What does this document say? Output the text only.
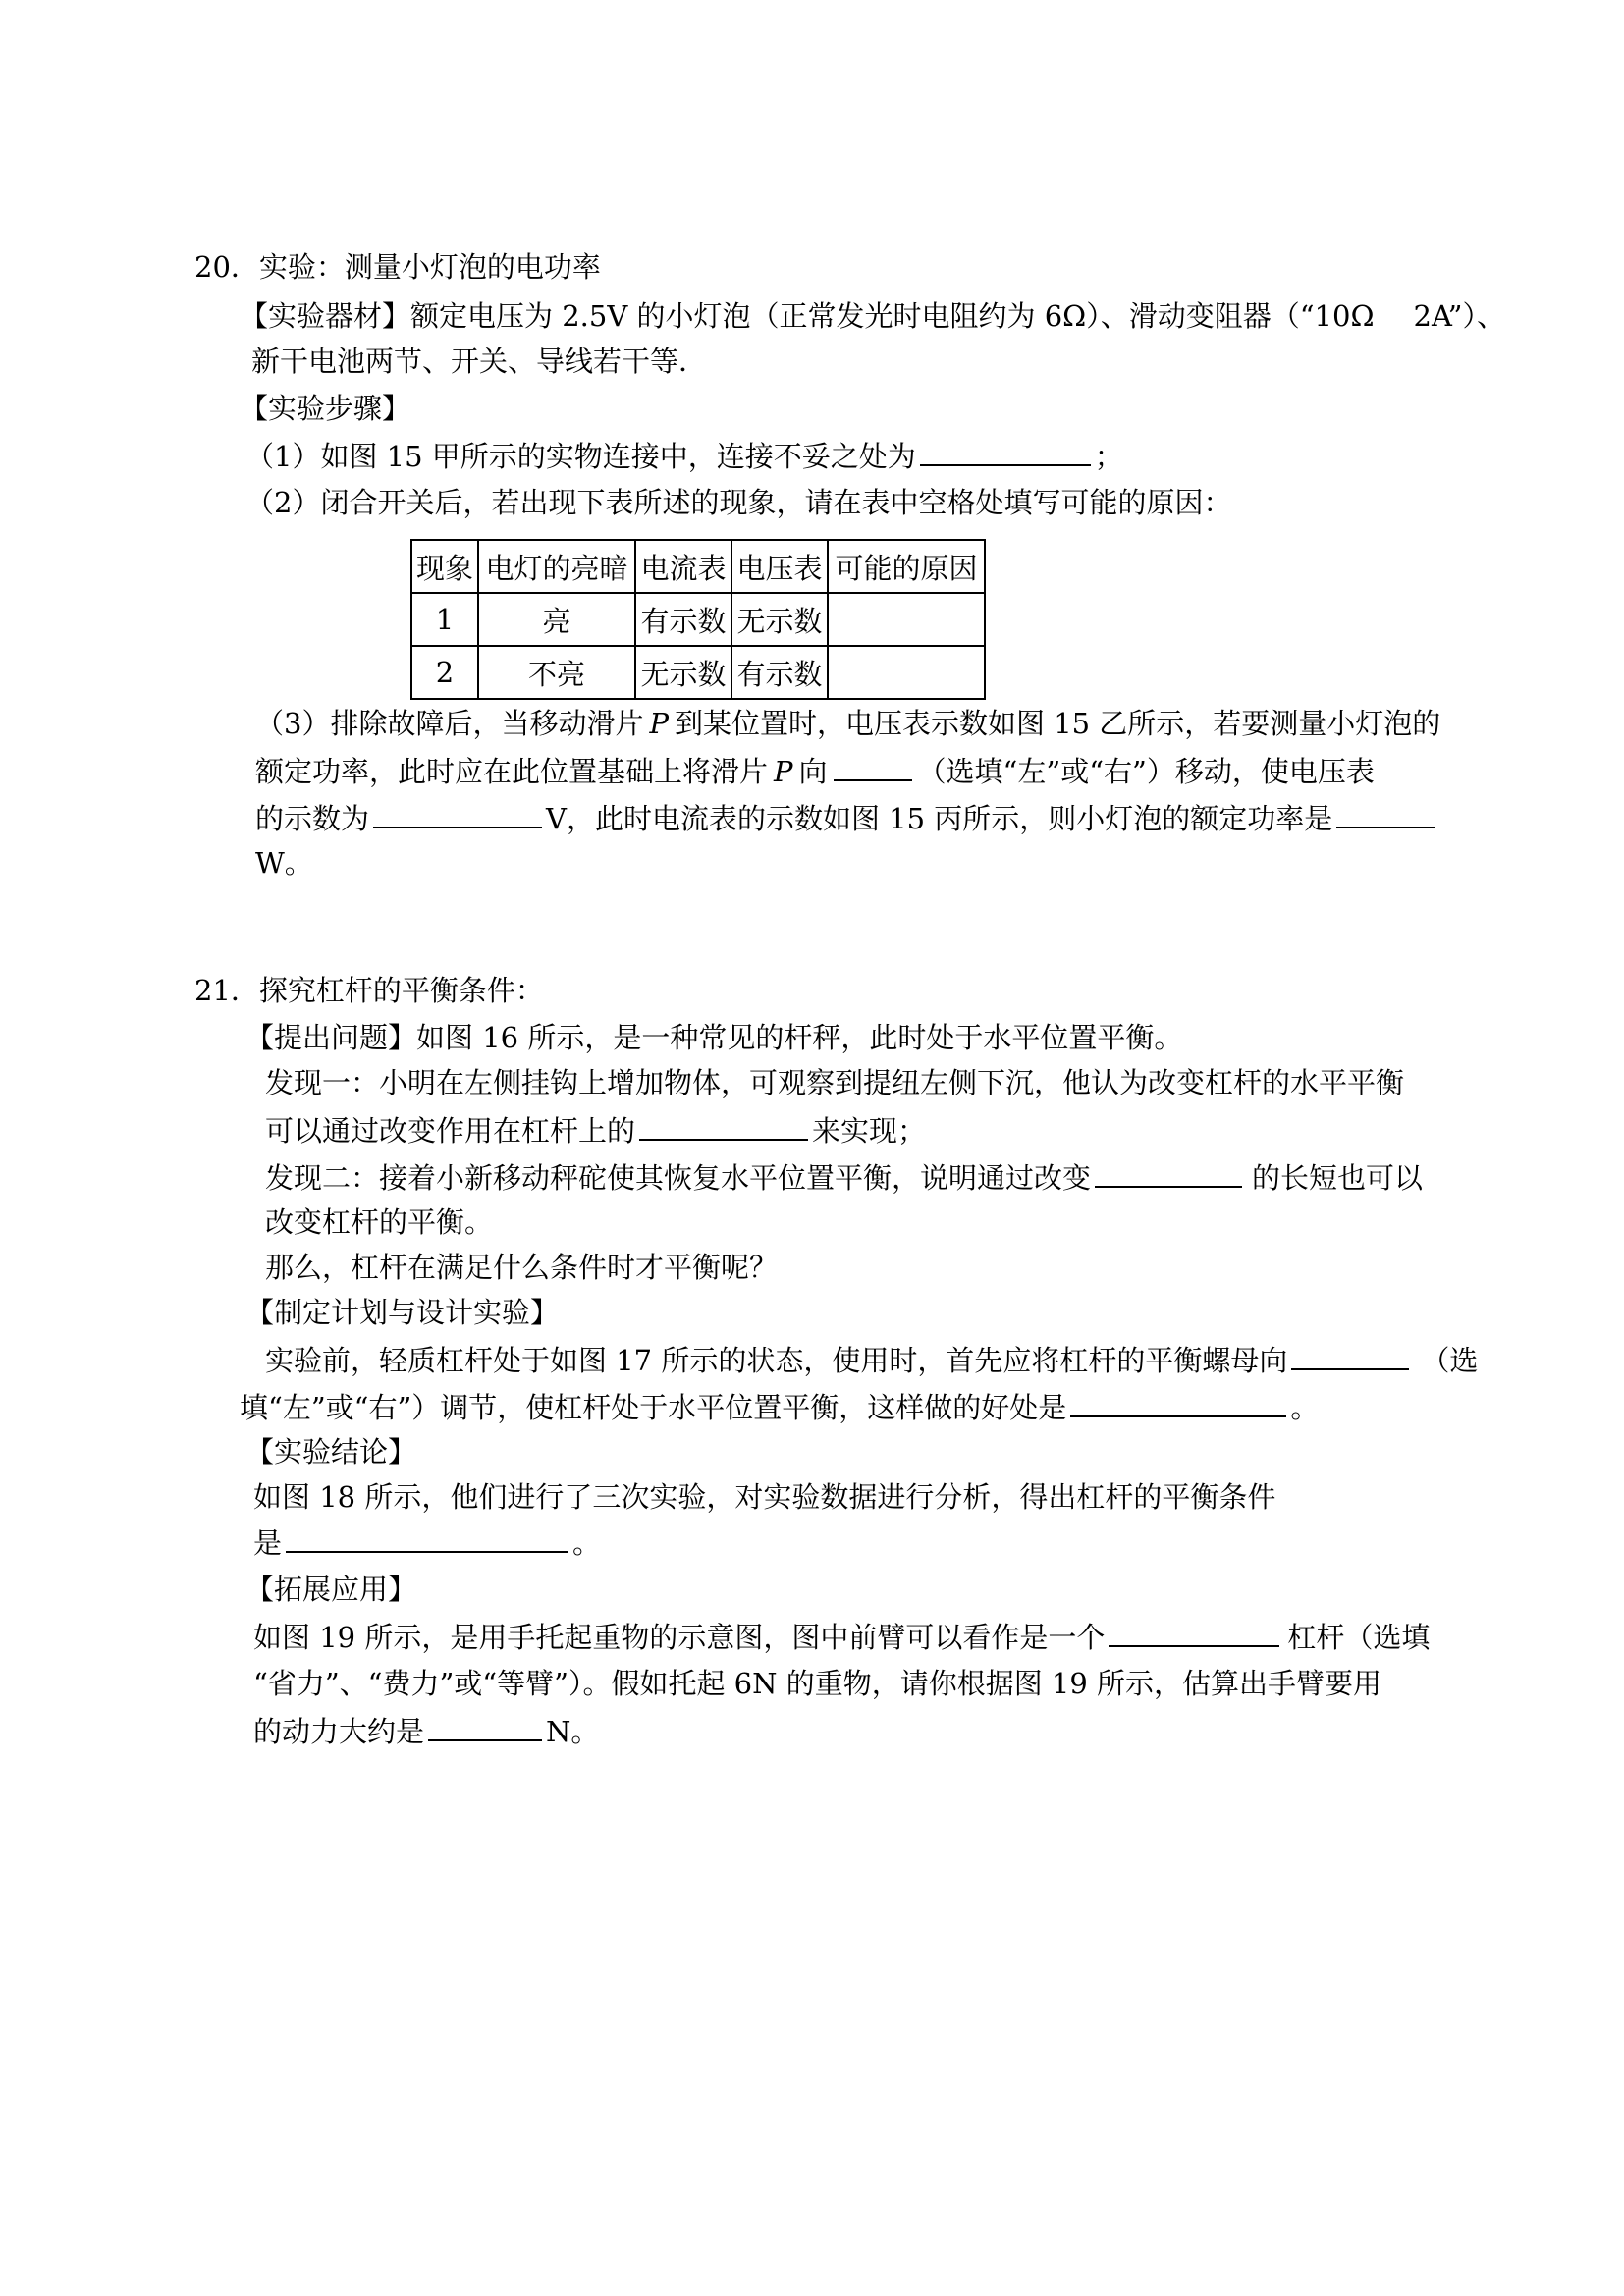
20．实验：测量小灯泡的电功率
【实验器材】额定电压为 2.5V 的小灯泡（正常发光时电阻约为 6Ω）、滑动变阻器（“10Ω 2A”）、
新干电池两节、开关、导线若干等．
【实验步骤】
（1）如图 15 甲所示的实物连接中，连接不妥之处为	；
（2）闭合开关后，若出现下表所述的现象，请在表中空格处填写可能的原因：
现象	电灯的亮暗	电流表	电压表	可能的原因
1	亮	有示数	无示数	
2	不亮	无示数	有示数	
（3）排除故障后，当移动滑片 P 到某位置时，电压表示数如图 15 乙所示，若要测量小灯泡的
额定功率，此时应在此位置基础上将滑片 P 向	（选填“左”或“右”）移动，使电压表
的示数为	V，此时电流表的示数如图 15 丙所示，则小灯泡的额定功率是
W。
21．探究杠杆的平衡条件：
【提出问题】如图 16 所示，是一种常见的杆秤，此时处于水平位置平衡。
发现一：小明在左侧挂钩上增加物体，可观察到提纽左侧下沉，他认为改变杠杆的水平平衡
可以通过改变作用在杠杆上的	来实现；
发现二：接着小新移动秤砣使其恢复水平位置平衡，说明通过改变	的长短也可以
改变杠杆的平衡。
那么，杠杆在满足什么条件时才平衡呢？
【制定计划与设计实验】
实验前，轻质杠杆处于如图 17 所示的状态，使用时，首先应将杠杆的平衡螺母向	（选
填“左”或“右”）调节，使杠杆处于水平位置平衡，这样做的好处是	。
【实验结论】
如图 18 所示，他们进行了三次实验，对实验数据进行分析，得出杠杆的平衡条件
是	。
【拓展应用】
如图 19 所示，是用手托起重物的示意图，图中前臂可以看作是一个	杠杆（选填
“省力”、“费力”或“等臂”）。假如托起 6N 的重物，请你根据图 19 所示，估算出手臂要用
的动力大约是	N。
